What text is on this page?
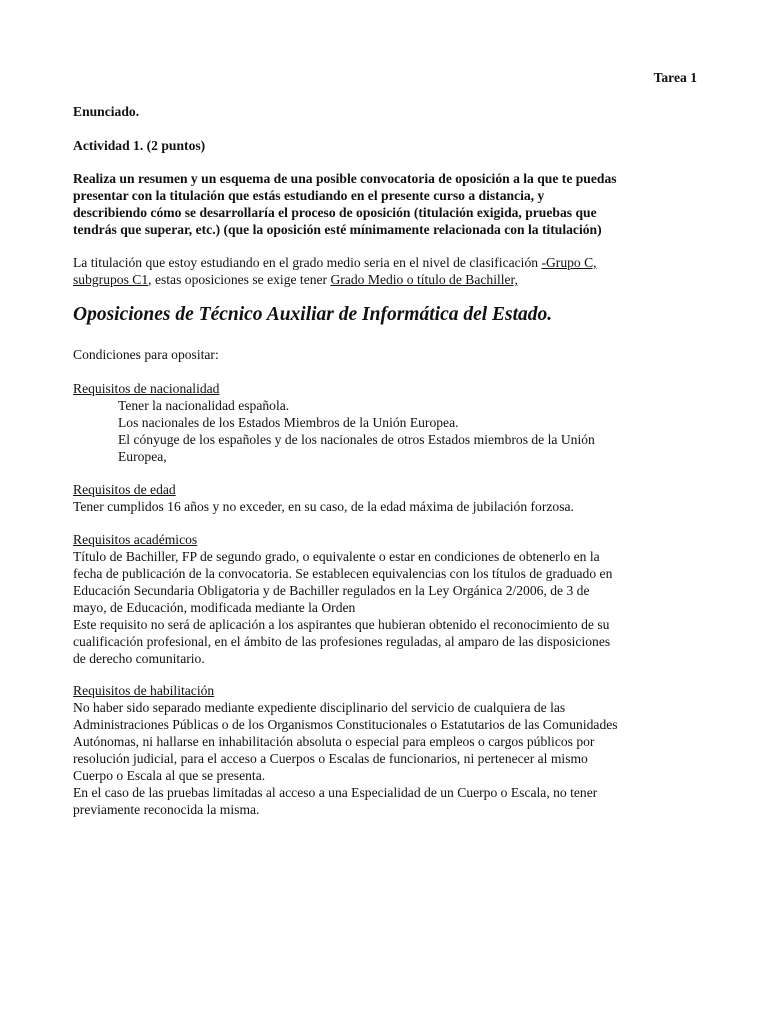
Tarea 1

Enunciado.

Actividad 1. (2 puntos)

Realiza un resumen y un esquema de una posible convocatoria de oposición a la que te puedas
presentar con la titulación que estás estudiando en el presente curso a distancia, y
describiendo cómo se desarrollaría el proceso de oposición (titulación exigida, pruebas que
tendrás que superar, etc.) (que la oposición esté mínimamente relacionada con la titulación)
La titulación que estoy estudiando en el grado medio seria en el nivel de clasificación -Grupo C,
subgrupos C1, estas oposiciones se exige tener Grado Medio o título de Bachiller,
Oposiciones de Técnico Auxiliar de Informática del Estado.

Condiciones para opositar:

Requisitos de nacionalidad
Tener la nacionalidad española.
Los nacionales de los Estados Miembros de la Unión Europea.
El cónyuge de los españoles y de los nacionales de otros Estados miembros de la Unión
Europea,
Requisitos de edad
Tener cumplidos 16 años y no exceder, en su caso, de la edad máxima de jubilación forzosa.
Requisitos académicos
Título de Bachiller, FP de segundo grado, o equivalente o estar en condiciones de obtenerlo en la
fecha de publicación de la convocatoria. Se establecen equivalencias con los títulos de graduado en
Educación Secundaria Obligatoria y de Bachiller regulados en la Ley Orgánica 2/2006, de 3 de
mayo, de Educación, modificada mediante la Orden
Este requisito no será de aplicación a los aspirantes que hubieran obtenido el reconocimiento de su
cualificación profesional, en el ámbito de las profesiones reguladas, al amparo de las disposiciones
de derecho comunitario.
Requisitos de habilitación
No haber sido separado mediante expediente disciplinario del servicio de cualquiera de las
Administraciones Públicas o de los Organismos Constitucionales o Estatutarios de las Comunidades
Autónomas, ni hallarse en inhabilitación absoluta o especial para empleos o cargos públicos por
resolución judicial, para el acceso a Cuerpos o Escalas de funcionarios, ni pertenecer al mismo
Cuerpo o Escala al que se presenta.
En el caso de las pruebas limitadas al acceso a una Especialidad de un Cuerpo o Escala, no tener
previamente reconocida la misma.
